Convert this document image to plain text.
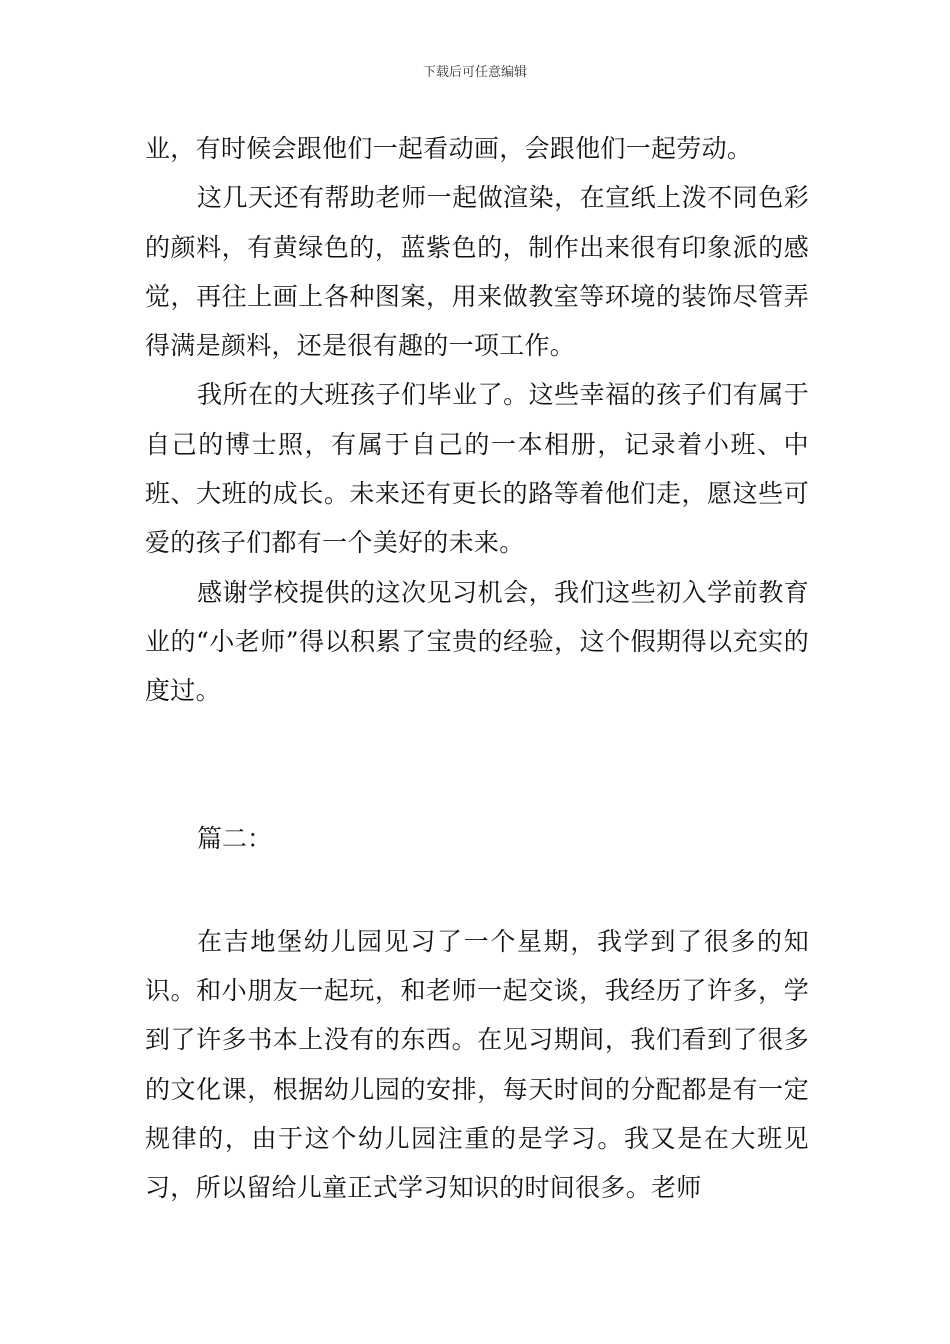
下载后可任意编辑

业，有时候会跟他们一起看动画，会跟他们一起劳动。

这几天还有帮助老师一起做渲染，在宣纸上泼不同色彩的颜料，有黄绿色的，蓝紫色的，制作出来很有印象派的感觉，再往上画上各种图案，用来做教室等环境的装饰尽管弄得满是颜料，还是很有趣的一项工作。

我所在的大班孩子们毕业了。这些幸福的孩子们有属于自己的博士照，有属于自己的一本相册，记录着小班、中班、大班的成长。未来还有更长的路等着他们走，愿这些可爱的孩子们都有一个美好的未来。

感谢学校提供的这次见习机会，我们这些初入学前教育业的“小老师”得以积累了宝贵的经验，这个假期得以充实的度过。

篇二：

在吉地堡幼儿园见习了一个星期，我学到了很多的知识。和小朋友一起玩，和老师一起交谈，我经历了许多，学到了许多书本上没有的东西。在见习期间，我们看到了很多的文化课，根据幼儿园的安排，每天时间的分配都是有一定规律的，由于这个幼儿园注重的是学习。我又是在大班见习，所以留给儿童正式学习知识的时间很多。老师
